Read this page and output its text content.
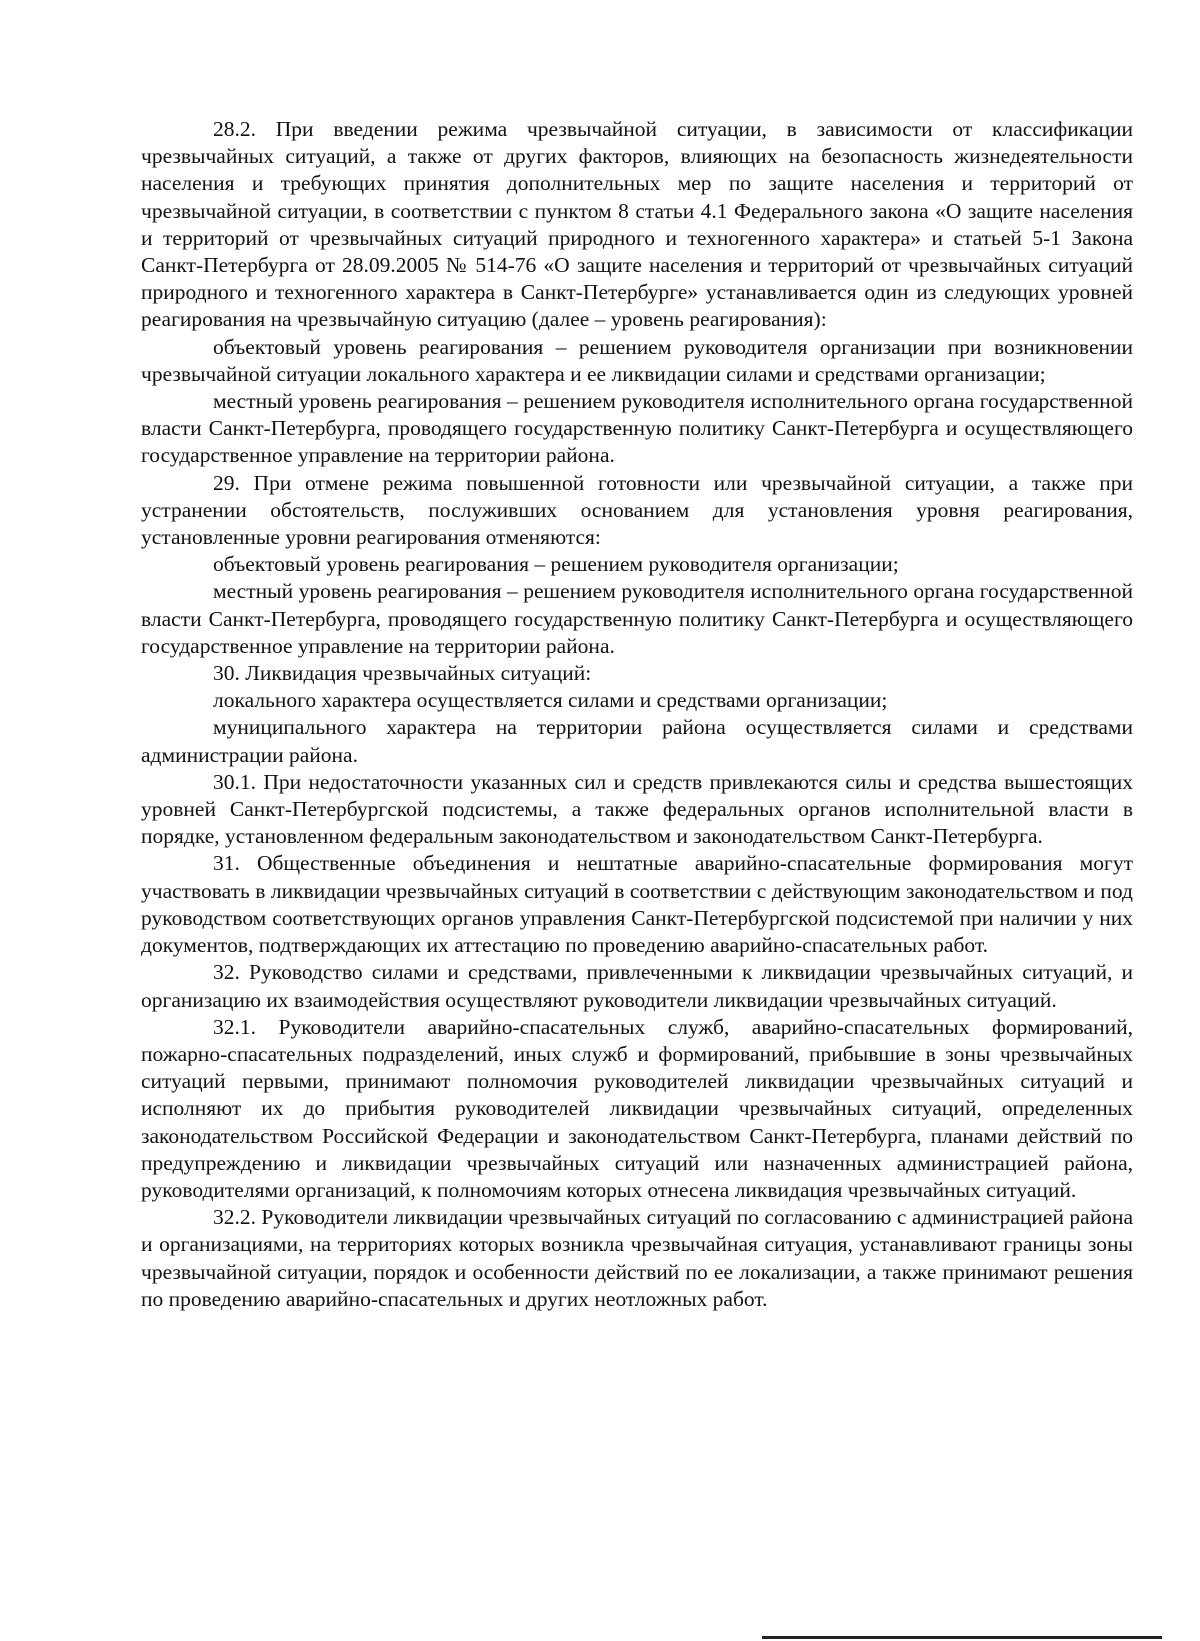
28.2. При введении режима чрезвычайной ситуации, в зависимости от классификации чрезвычайных ситуаций, а также от других факторов, влияющих на безопасность жизнедеятельности населения и требующих принятия дополнительных мер по защите населения и территорий от чрезвычайной ситуации, в соответствии с пунктом 8 статьи 4.1 Федерального закона «О защите населения и территорий от чрезвычайных ситуаций природного и техногенного характера» и статьей 5-1 Закона Санкт-Петербурга от 28.09.2005 № 514-76 «О защите населения и территорий от чрезвычайных ситуаций природного и техногенного характера в Санкт-Петербурге» устанавливается один из следующих уровней реагирования на чрезвычайную ситуацию (далее – уровень реагирования):

объектовый уровень реагирования – решением руководителя организации при возникновении чрезвычайной ситуации локального характера и ее ликвидации силами и средствами организации;

местный уровень реагирования – решением руководителя исполнительного органа государственной власти Санкт-Петербурга, проводящего государственную политику Санкт-Петербурга и осуществляющего государственное управление на территории района.

29. При отмене режима повышенной готовности или чрезвычайной ситуации, а также при устранении обстоятельств, послуживших основанием для установления уровня реагирования, установленные уровни реагирования отменяются:

объектовый уровень реагирования – решением руководителя организации;

местный уровень реагирования – решением руководителя исполнительного органа государственной власти Санкт-Петербурга, проводящего государственную политику Санкт-Петербурга и осуществляющего государственное управление на территории района.

30. Ликвидация чрезвычайных ситуаций:

локального характера осуществляется силами и средствами организации;

муниципального характера на территории района осуществляется силами и средствами администрации района.

30.1. При недостаточности указанных сил и средств привлекаются силы и средства вышестоящих уровней Санкт-Петербургской подсистемы, а также федеральных органов исполнительной власти в порядке, установленном федеральным законодательством и законодательством Санкт-Петербурга.

31. Общественные объединения и нештатные аварийно-спасательные формирования могут участвовать в ликвидации чрезвычайных ситуаций в соответствии с действующим законодательством и под руководством соответствующих органов управления Санкт-Петербургской подсистемой при наличии у них документов, подтверждающих их аттестацию по проведению аварийно-спасательных работ.

32. Руководство силами и средствами, привлеченными к ликвидации чрезвычайных ситуаций, и организацию их взаимодействия осуществляют руководители ликвидации чрезвычайных ситуаций.

32.1. Руководители аварийно-спасательных служб, аварийно-спасательных формирований, пожарно-спасательных подразделений, иных служб и формирований, прибывшие в зоны чрезвычайных ситуаций первыми, принимают полномочия руководителей ликвидации чрезвычайных ситуаций и исполняют их до прибытия руководителей ликвидации чрезвычайных ситуаций, определенных законодательством Российской Федерации и законодательством Санкт-Петербурга, планами действий по предупреждению и ликвидации чрезвычайных ситуаций или назначенных администрацией района, руководителями организаций, к полномочиям которых отнесена ликвидация чрезвычайных ситуаций.

32.2. Руководители ликвидации чрезвычайных ситуаций по согласованию с администрацией района и организациями, на территориях которых возникла чрезвычайная ситуация, устанавливают границы зоны чрезвычайной ситуации, порядок и особенности действий по ее локализации, а также принимают решения по проведению аварийно-спасательных и других неотложных работ.
